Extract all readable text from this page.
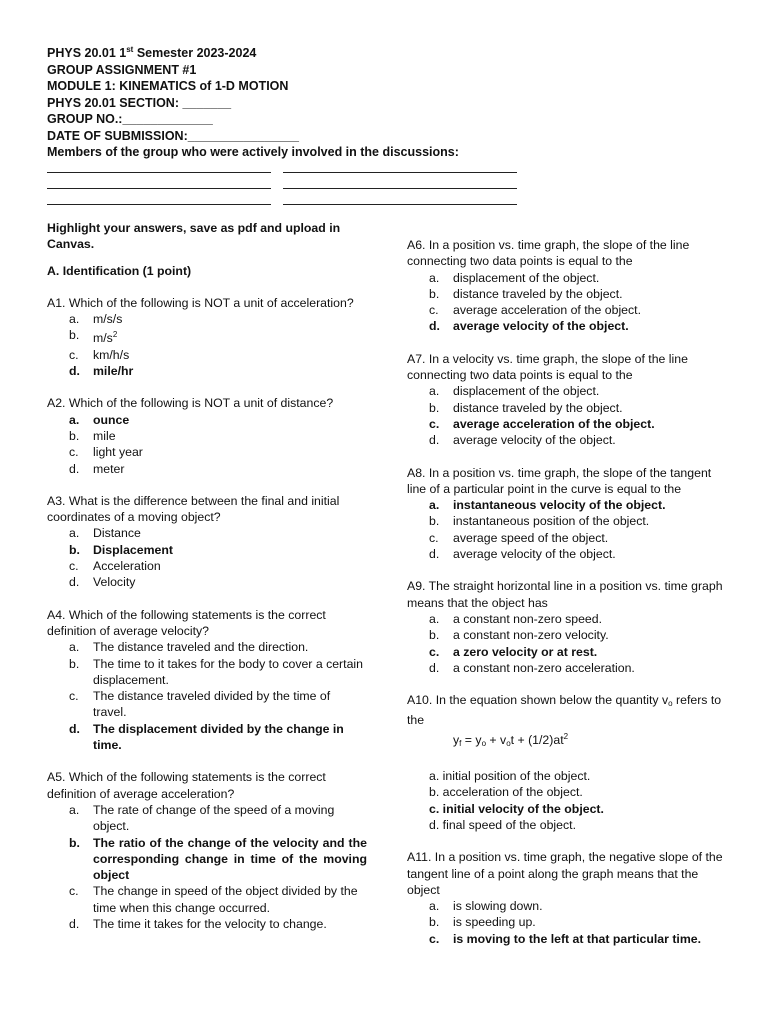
PHYS 20.01 1st Semester 2023-2024
GROUP ASSIGNMENT #1
MODULE 1: KINEMATICS of 1-D MOTION
PHYS 20.01 SECTION: _______
GROUP NO.:_____________
DATE OF SUBMISSION:________________
Members of the group who were actively involved in the discussions:
Highlight your answers, save as pdf and upload in Canvas.
A. Identification (1 point)
A1. Which of the following is NOT a unit of acceleration?
a.	m/s/s
b.	$m/s^2$
c.	km/h/s
d.	mile/hr
A2. Which of the following is NOT a unit of distance?
a.	ounce
b.	mile
c.	light year
d.	meter
A3. What is the difference between the final and initial coordinates of a moving object?
a.	Distance
b.	Displacement
c.	Acceleration
d.	Velocity
A4. Which of the following statements is the correct definition of average velocity?
a.	The distance traveled and the direction.
b.	The time to it takes for the body to cover a certain displacement.
c.	The distance traveled divided by the time of travel.
d.	The displacement divided by the change in time.
A5. Which of the following statements is the correct definition of average acceleration?
a.	The rate of change of the speed of a moving object.
b.	The ratio of the change of the velocity and the corresponding change in time of the moving object
c.	The change in speed of the object divided by the time when this change occurred.
d.	The time it takes for the velocity to change.
A6. In a position vs. time graph, the slope of the line connecting two data points is equal to the
a.	displacement of the object.
b.	distance traveled by the object.
c.	average acceleration of the object.
d.	average velocity of the object.
A7. In a velocity vs. time graph, the slope of the line connecting two data points is equal to the
a.	displacement of the object.
b.	distance traveled by the object.
c.	average acceleration of the object.
d.	average velocity of the object.
A8. In a position vs. time graph, the slope of the tangent line of a particular point in the curve is equal to the
a.	instantaneous velocity of the object.
b.	instantaneous position of the object.
c.	average speed of the object.
d.	average velocity of the object.
A9. The straight horizontal line in a position vs. time graph means that the object has
a.	a constant non-zero speed.
b.	a constant non-zero velocity.
c.	a zero velocity or at rest.
d.	a constant non-zero acceleration.
A10. In the equation shown below the quantity $v_o$ refers to the
$y_f = y_o + v_ot + (1/2)at^2$
a. initial position of the object.
b. acceleration of the object.
c. initial velocity of the object.
d. final speed of the object.
A11. In a position vs. time graph, the negative slope of the tangent line of a point along the graph means that the object
a.	is slowing down.
b.	is speeding up.
c.	is moving to the left at that particular time.
